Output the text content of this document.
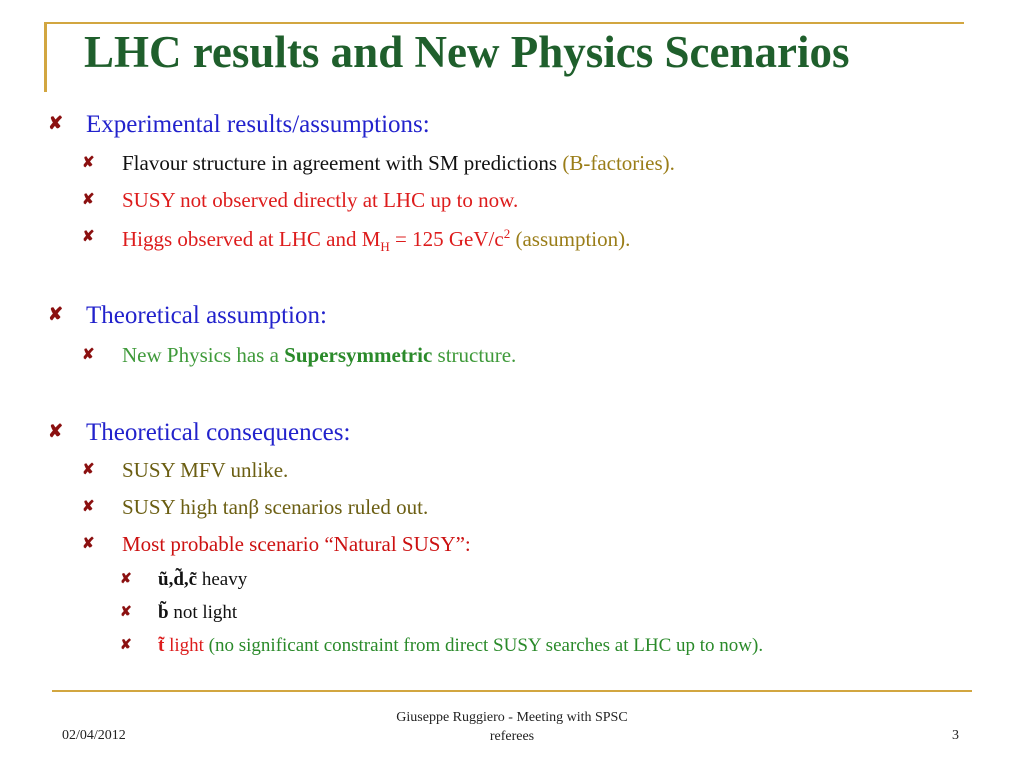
LHC results and New Physics Scenarios
✘ Experimental results/assumptions:
✘ Flavour structure in agreement with SM predictions (B-factories).
✘ SUSY not observed directly at LHC up to now.
✘ Higgs observed at LHC and $M_H = 125$ GeV/$c^2$ (assumption).
✘ Theoretical assumption:
✘ New Physics has a Supersymmetric structure.
✘ Theoretical consequences:
✘ SUSY MFV unlike.
✘ SUSY high tanβ scenarios ruled out.
✘ Most probable scenario “Natural SUSY”:
✘ ũ,d̃,c̃ heavy
✘ b̃ not light
✘ t̃ light (no significant constraint from direct SUSY searches at LHC up to now).
02/04/2012
Giuseppe Ruggiero - Meeting with SPSC
referees	3
